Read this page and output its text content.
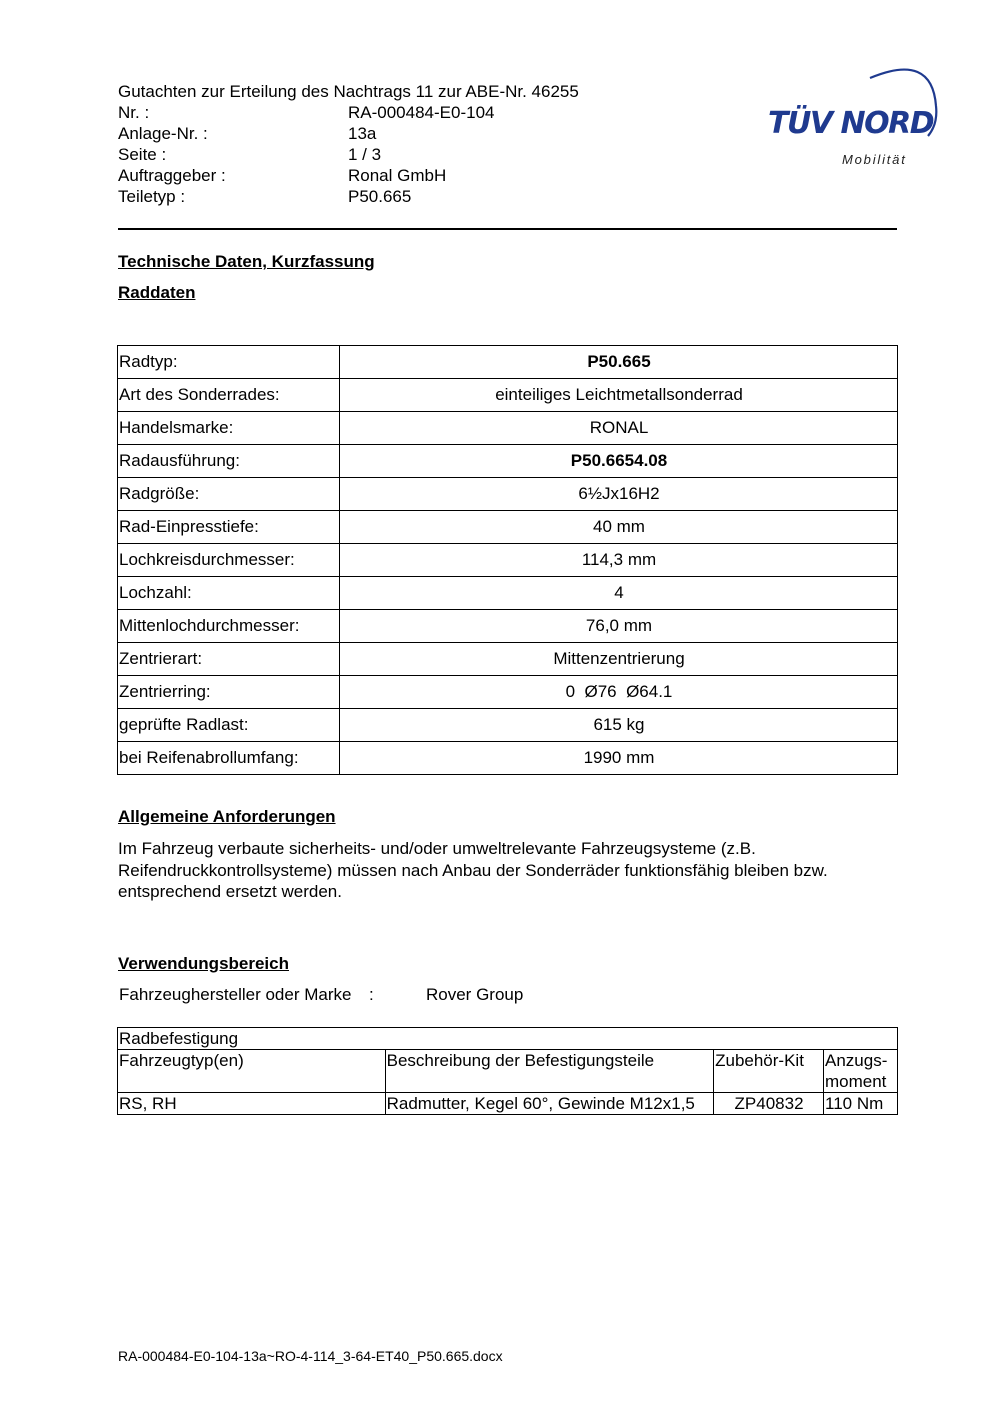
Gutachten zur Erteilung des Nachtrags 11 zur ABE-Nr. 46255
Nr. :	RA-000484-E0-104
Anlage-Nr. :	13a
Seite :	1 / 3
Auftraggeber :	Ronal GmbH
Teiletyp :	P50.665
TÜV NORD
Mobilität
Technische Daten, Kurzfassung
Raddaten
Radtyp:	P50.665
Art des Sonderrades:	einteiliges Leichtmetallsonderrad
Handelsmarke:	RONAL
Radausführung:	P50.6654.08
Radgröße:	6½Jx16H2
Rad-Einpresstiefe:	40 mm
Lochkreisdurchmesser:	114,3 mm
Lochzahl:	4
Mittenlochdurchmesser:	76,0 mm
Zentrierart:	Mittenzentrierung
Zentrierring:	0  Ø76  Ø64.1
geprüfte Radlast:	615 kg
bei Reifenabrollumfang:	1990 mm
Allgemeine Anforderungen
Im Fahrzeug verbaute sicherheits- und/oder umweltrelevante Fahrzeugsysteme (z.B. Reifendruckkontrollsysteme) müssen nach Anbau der Sonderräder funktionsfähig bleiben bzw. entsprechend ersetzt werden.
Verwendungsbereich
Fahrzeughersteller oder Marke	:	Rover Group
Radbefestigung			
Fahrzeugtyp(en)	Beschreibung der Befestigungsteile	Zubehör-Kit	Anzugs-moment
RS, RH	Radmutter, Kegel 60°, Gewinde M12x1,5	ZP40832	110 Nm
RA-000484-E0-104-13a~RO-4-114_3-64-ET40_P50.665.docx
